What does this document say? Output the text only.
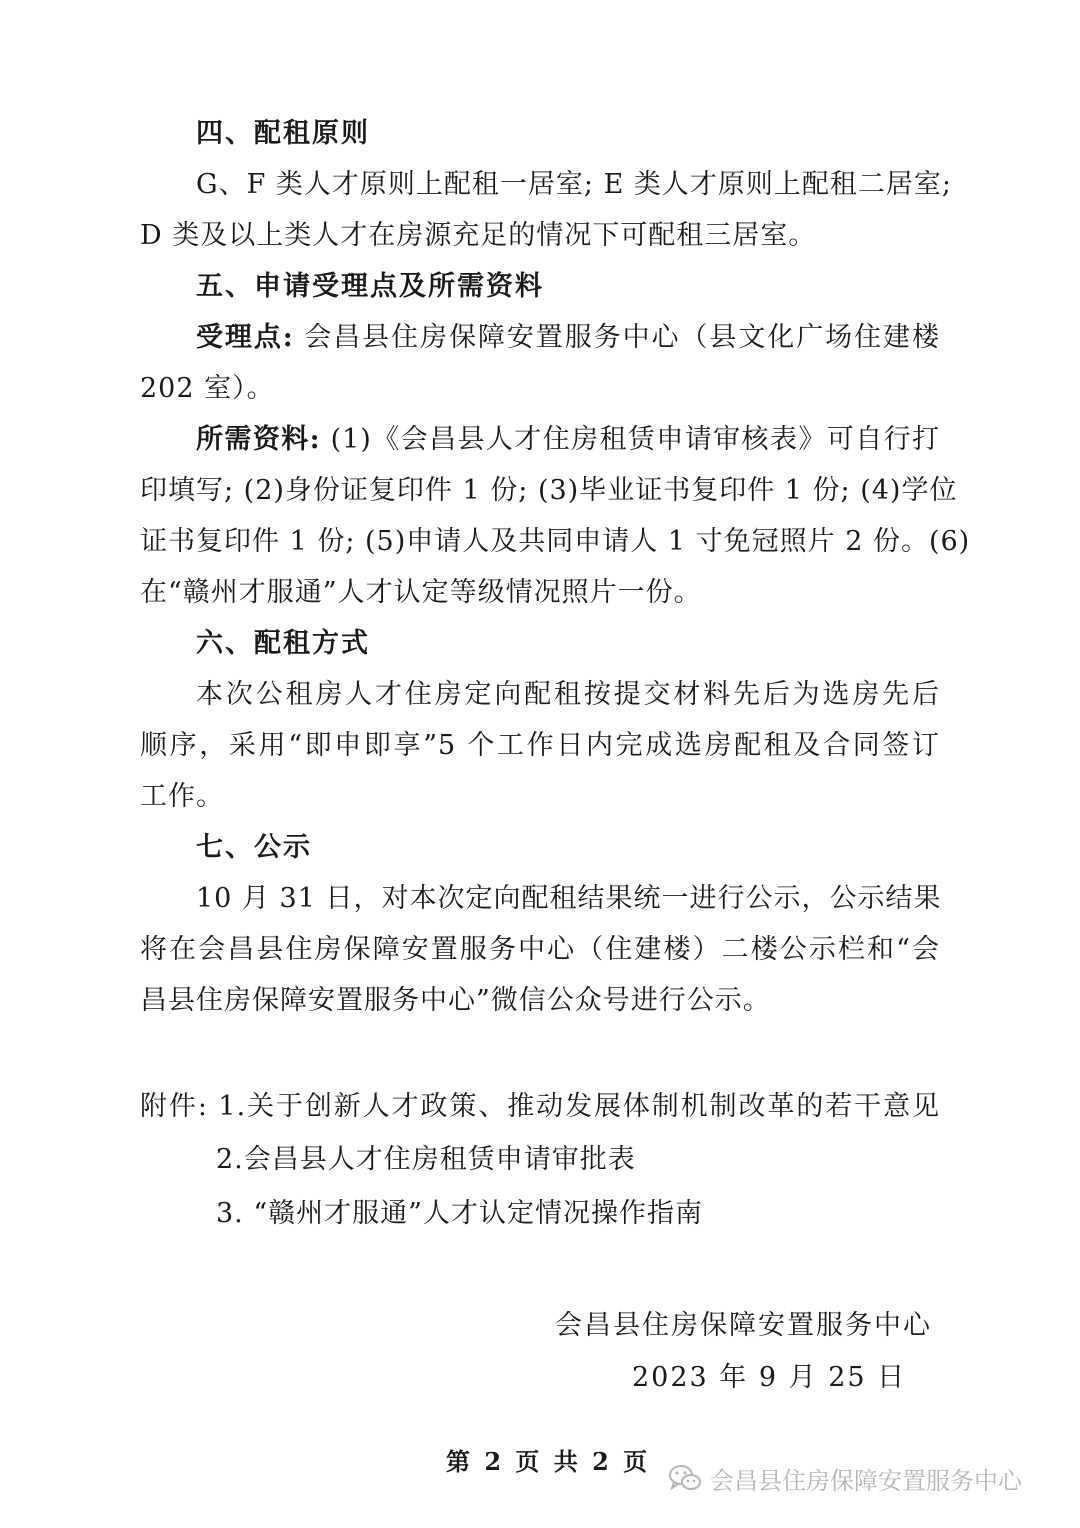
四、配租原则
G、F 类人才原则上配租一居室; E 类人才原则上配租二居室;
D 类及以上类人才在房源充足的情况下可配租三居室。
五、申请受理点及所需资料
受理点: 会昌县住房保障安置服务中心（县文化广场住建楼
202 室）。
所需资料: (1)《会昌县人才住房租赁申请审核表》可自行打
印填写; (2)身份证复印件 1 份; (3)毕业证书复印件 1 份; (4)学位
证书复印件 1 份; (5)申请人及共同申请人 1 寸免冠照片 2 份。(6)
在“赣州才服通”人才认定等级情况照片一份。
六、配租方式
本次公租房人才住房定向配租按提交材料先后为选房先后
顺序，采用“即申即享”5 个工作日内完成选房配租及合同签订
工作。
七、公示
10 月 31 日，对本次定向配租结果统一进行公示，公示结果
将在会昌县住房保障安置服务中心（住建楼）二楼公示栏和“会
昌县住房保障安置服务中心”微信公众号进行公示。
附件: 1.关于创新人才政策、推动发展体制机制改革的若干意见
2.会昌县人才住房租赁申请审批表
3. “赣州才服通”人才认定情况操作指南
会昌县住房保障安置服务中心
2023 年 9 月 25 日
第 2 页 共 2 页
会昌县住房保障安置服务中心
